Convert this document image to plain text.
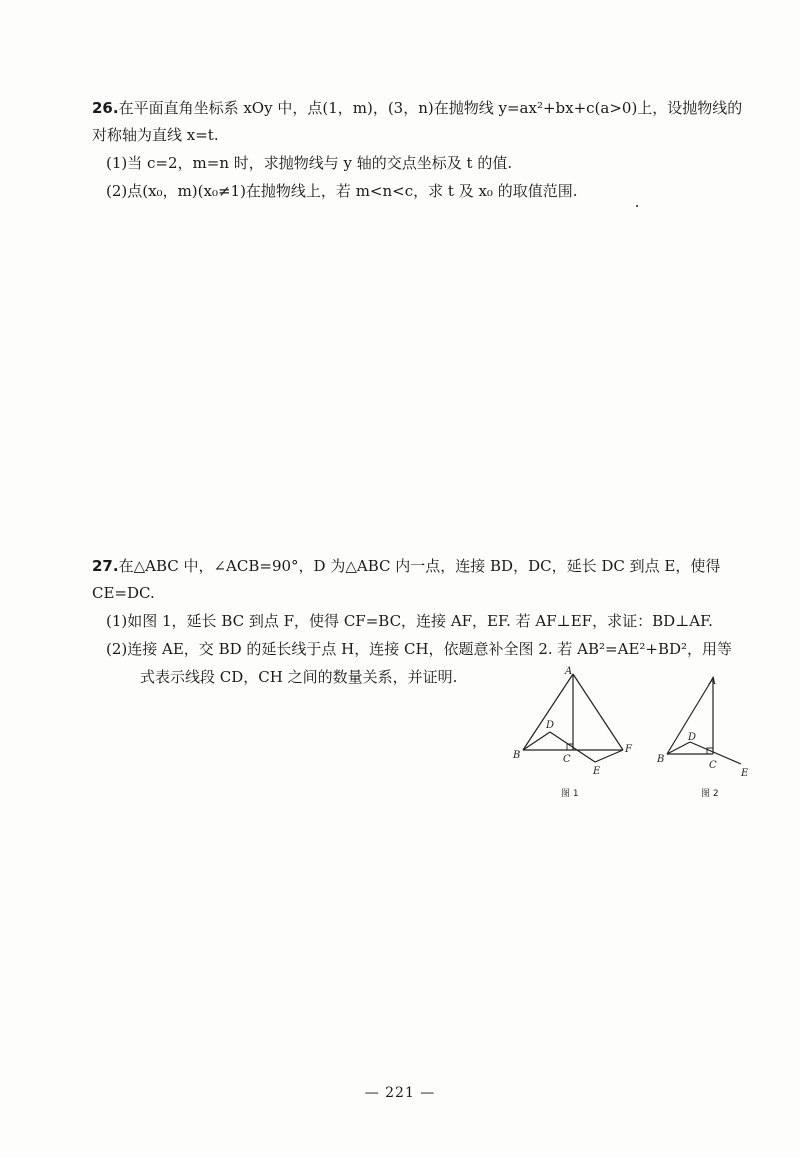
26.在平面直角坐标系 xOy 中，点(1，m)，(3，n)在抛物线 y=ax²+bx+c(a>0)上，设抛物线的
对称轴为直线 x=t.
(1)当 c=2，m=n 时，求抛物线与 y 轴的交点坐标及 t 的值.
(2)点(x₀，m)(x₀≠1)在抛物线上，若 m<n<c，求 t 及 x₀ 的取值范围.
27.在△ABC 中，∠ACB=90°，D 为△ABC 内一点，连接 BD，DC，延长 DC 到点 E，使得 CE=DC.
(1)如图 1，延长 BC 到点 F，使得 CF=BC，连接 AF，EF. 若 AF⊥EF，求证：BD⊥AF.
(2)连接 AE，交 BD 的延长线于点 H，连接 CH，依题意补全图 2. 若 AB²=AE²+BD²，用等
式表示线段 CD，CH 之间的数量关系，并证明.	A
B	C
D
E
F
图 1
A
B
C
D
E
图 2
— 221 —
